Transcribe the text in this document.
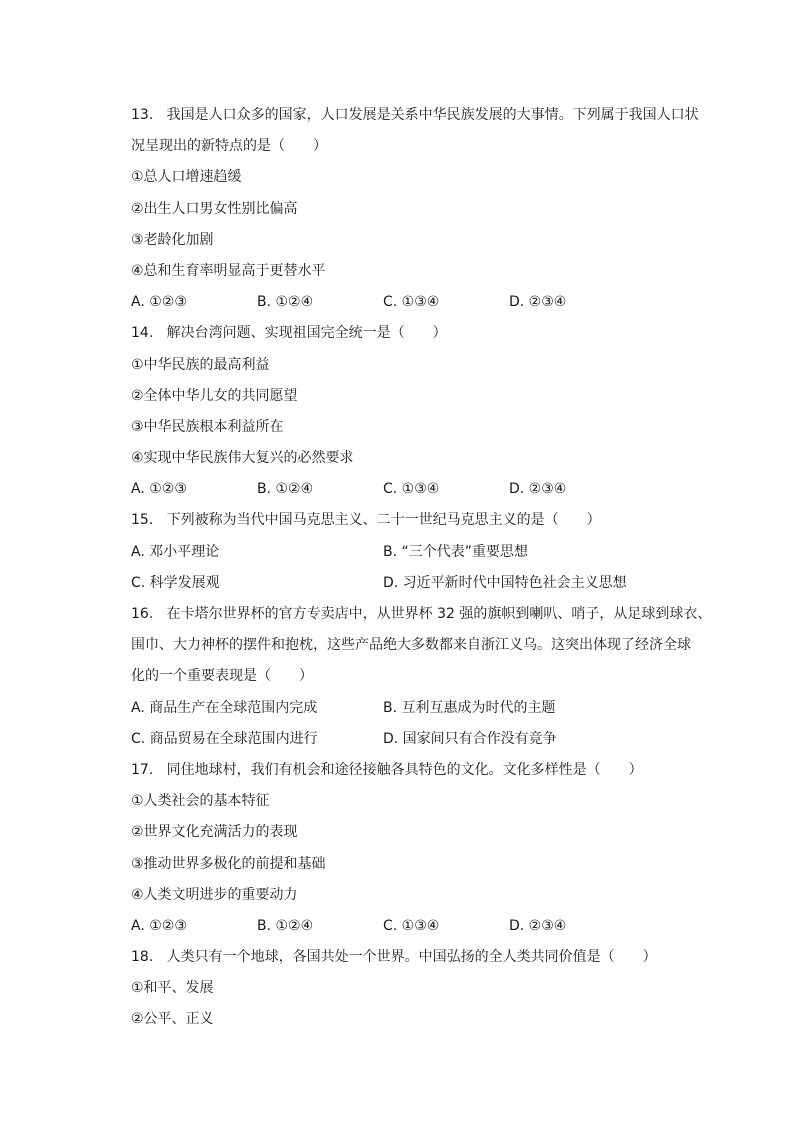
13. 我国是人口众多的国家，人口发展是关系中华民族发展的大事情。下列属于我国人口状
况呈现出的新特点的是（　　）
①总人口增速趋缓
②出生人口男女性别比偏高
③老龄化加剧
④总和生育率明显高于更替水平
A. ①②③	B. ①②④	C. ①③④	D. ②③④
14. 解决台湾问题、实现祖国完全统一是（　　）
①中华民族的最高利益
②全体中华儿女的共同愿望
③中华民族根本利益所在
④实现中华民族伟大复兴的必然要求
A. ①②③	B. ①②④	C. ①③④	D. ②③④
15. 下列被称为当代中国马克思主义、二十一世纪马克思主义的是（　　）
A. 邓小平理论	B. “三个代表”重要思想
C. 科学发展观	D. 习近平新时代中国特色社会主义思想
16. 在卡塔尔世界杯的官方专卖店中，从世界杯 32 强的旗帜到喇叭、哨子，从足球到球衣、
围巾、大力神杯的摆件和抱枕，这些产品绝大多数都来自浙江义乌。这突出体现了经济全球
化的一个重要表现是（　　）
A. 商品生产在全球范围内完成	B. 互利互惠成为时代的主题
C. 商品贸易在全球范围内进行	D. 国家间只有合作没有竞争
17. 同住地球村，我们有机会和途径接触各具特色的文化。文化多样性是（　　）
①人类社会的基本特征
②世界文化充满活力的表现
③推动世界多极化的前提和基础
④人类文明进步的重要动力
A. ①②③	B. ①②④	C. ①③④	D. ②③④
18. 人类只有一个地球，各国共处一个世界。中国弘扬的全人类共同价值是（　　）
①和平、发展
②公平、正义
